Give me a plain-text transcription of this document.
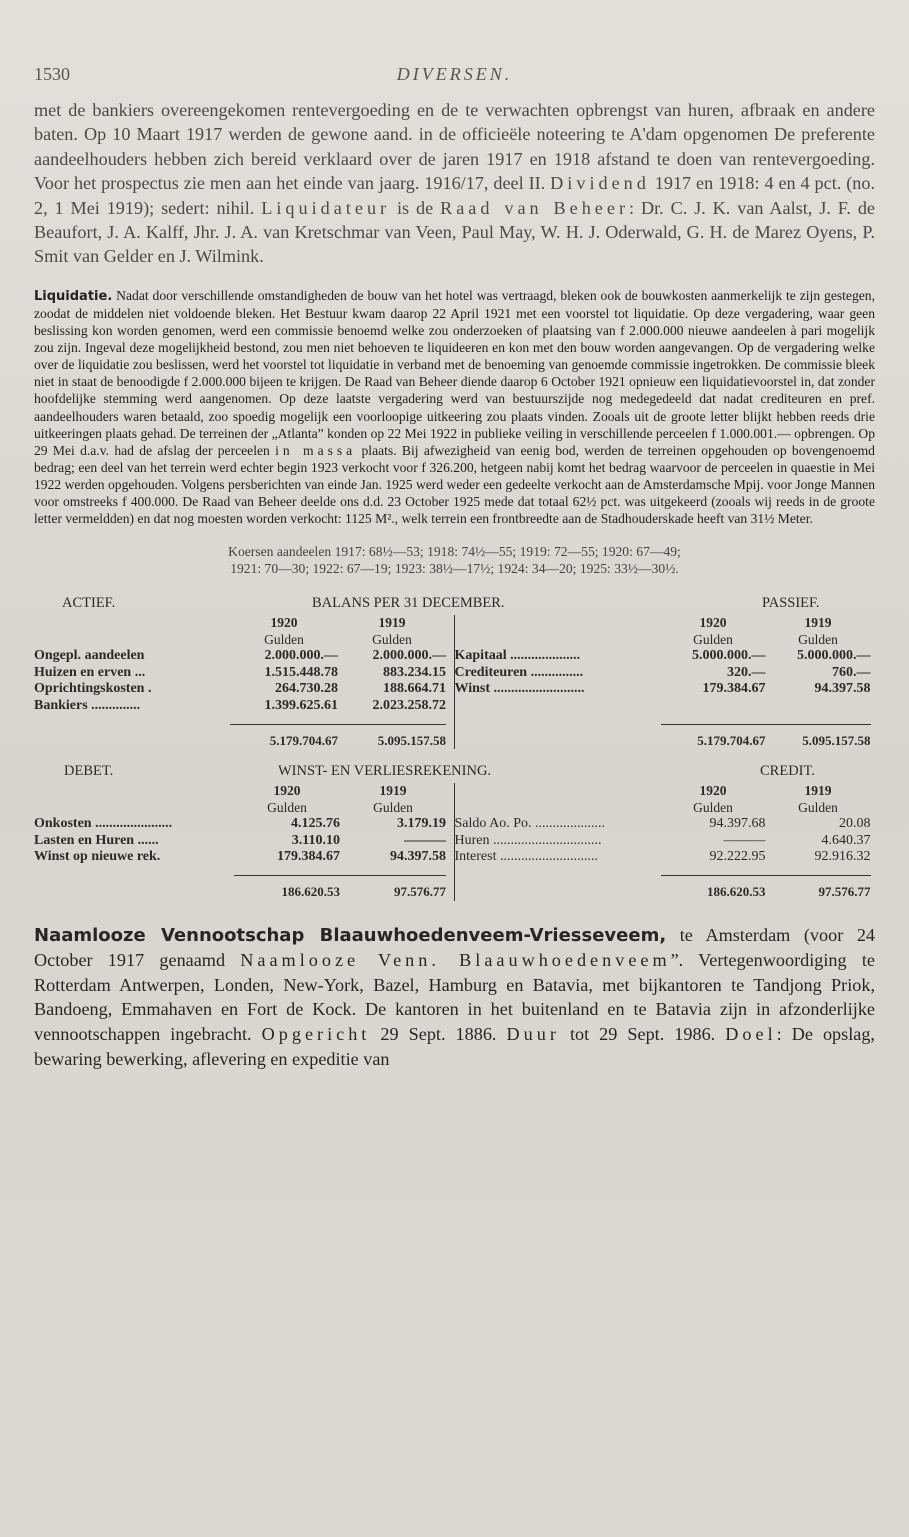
1530	DIVERSEN.

met de bankiers overeengekomen rentevergoeding en de te verwachten opbrengst van huren, afbraak en andere baten. Op 10 Maart 1917 werden de gewone aand. in de officieële noteering te A'dam opgenomen De preferente aandeelhouders hebben zich bereid verklaard over de jaren 1917 en 1918 afstand te doen van rentevergoeding. Voor het prospectus zie men aan het einde van jaarg. 1916/17, deel II. Dividend 1917 en 1918: 4 en 4 pct. (no. 2, 1 Mei 1919); sedert: nihil. Liquidateur is de Raad van Beheer: Dr. C. J. K. van Aalst, J. F. de Beaufort, J. A. Kalff, Jhr. J. A. van Kretschmar van Veen, Paul May, W. H. J. Oderwald, G. H. de Marez Oyens, P. Smit van Gelder en J. Wilmink.

Liquidatie. Nadat door verschillende omstandigheden de bouw van het hotel was vertraagd, bleken ook de bouwkosten aanmerkelijk te zijn gestegen, zoodat de middelen niet voldoende bleken. Het Bestuur kwam daarop 22 April 1921 met een voorstel tot liquidatie. Op deze vergadering, waar geen beslissing kon worden genomen, werd een commissie benoemd welke zou onderzoeken of plaatsing van f 2.000.000 nieuwe aandeelen à pari mogelijk zou zijn. Ingeval deze mogelijkheid bestond, zou men niet behoeven te liquideeren en kon met den bouw worden aangevangen. Op de vergadering welke over de liquidatie zou beslissen, werd het voorstel tot liquidatie in verband met de benoeming van genoemde commissie ingetrokken. De commissie bleek niet in staat de benoodigde f 2.000.000 bijeen te krijgen. De Raad van Beheer diende daarop 6 October 1921 opnieuw een liquidatievoorstel in, dat zonder hoofdelijke stemming werd aangenomen. Op deze laatste vergadering werd van bestuurszijde nog medegedeeld dat nadat crediteuren en pref. aandeelhouders waren betaald, zoo spoedig mogelijk een voorloopige uitkeering zou plaats vinden. Zooals uit de groote letter blijkt hebben reeds drie uitkeeringen plaats gehad. De terreinen der „Atlanta” konden op 22 Mei 1922 in publieke veiling in verschillende perceelen f 1.000.001.— opbrengen. Op 29 Mei d.a.v. had de afslag der perceelen in massa plaats. Bij afwezigheid van eenig bod, werden de terreinen opgehouden op bovengenoemd bedrag; een deel van het terrein werd echter begin 1923 verkocht voor f 326.200, hetgeen nabij komt het bedrag waarvoor de perceelen in quaestie in Mei 1922 werden opgehouden. Volgens persberichten van einde Jan. 1925 werd weder een gedeelte verkocht aan de Amsterdamsche Mpij. voor Jonge Mannen voor omstreeks f 400.000. De Raad van Beheer deelde ons d.d. 23 October 1925 mede dat totaal 62½ pct. was uitgekeerd (zooals wij reeds in de groote letter vermeldden) en dat nog moesten worden verkocht: 1125 M²., welk terrein een frontbreedte aan de Stadhouderskade heeft van 31½ Meter.

Koersen aandeelen 1917: 68½—53; 1918: 74½—55; 1919: 72—55; 1920: 67—49;
1921: 70—30; 1922: 67—19; 1923: 38½—17½; 1924: 34—20; 1925: 33½—30½.
ACTIEF.	BALANS PER 31 DECEMBER.	PASSIEF.
	1920	1919
	Gulden	Gulden
Ongepl. aandeelen	2.000.000.—	2.000.000.—
Huizen en erven ...	1.515.448.78	883.234.15
Oprichtingskosten .	264.730.28	188.664.71
Bankiers ..............	1.399.625.61	2.023.258.72

	5.179.704.67	5.095.157.58
	1920	1919
	Gulden	Gulden
Kapitaal ....................	5.000.000.—	5.000.000.—
Crediteuren ...............	320.—	760.—
Winst ..........................	179.384.67	94.397.58

	5.179.704.67	5.095.157.58
DEBET.	WINST- EN VERLIESREKENING.	CREDIT.
	1920	1919
	Gulden	Gulden
Onkosten ......................	4.125.76	3.179.19
Lasten en Huren ......	3.110.10	———
Winst op nieuwe rek.	179.384.67	94.397.58

	186.620.53	97.576.77
	1920	1919
	Gulden	Gulden
Saldo Ao. Po. ....................	94.397.68	20.08
Huren ...............................	———	4.640.37
Interest ............................	92.222.95	92.916.32

	186.620.53	97.576.77

Naamlooze Vennootschap Blaauwhoedenveem-Vriesseveem, te Amsterdam (voor 24 October 1917 genaamd Naamlooze Venn. Blaauwhoedenveem”. Vertegenwoordiging te Rotterdam Antwerpen, Londen, New-York, Bazel, Hamburg en Batavia, met bijkantoren te Tandjong Priok, Bandoeng, Emmahaven en Fort de Kock. De kantoren in het buitenland en te Batavia zijn in afzonderlijke vennootschappen ingebracht. Opgericht 29 Sept. 1886. Duur tot 29 Sept. 1986. Doel: De opslag, bewaring bewerking, aflevering en expeditie van
